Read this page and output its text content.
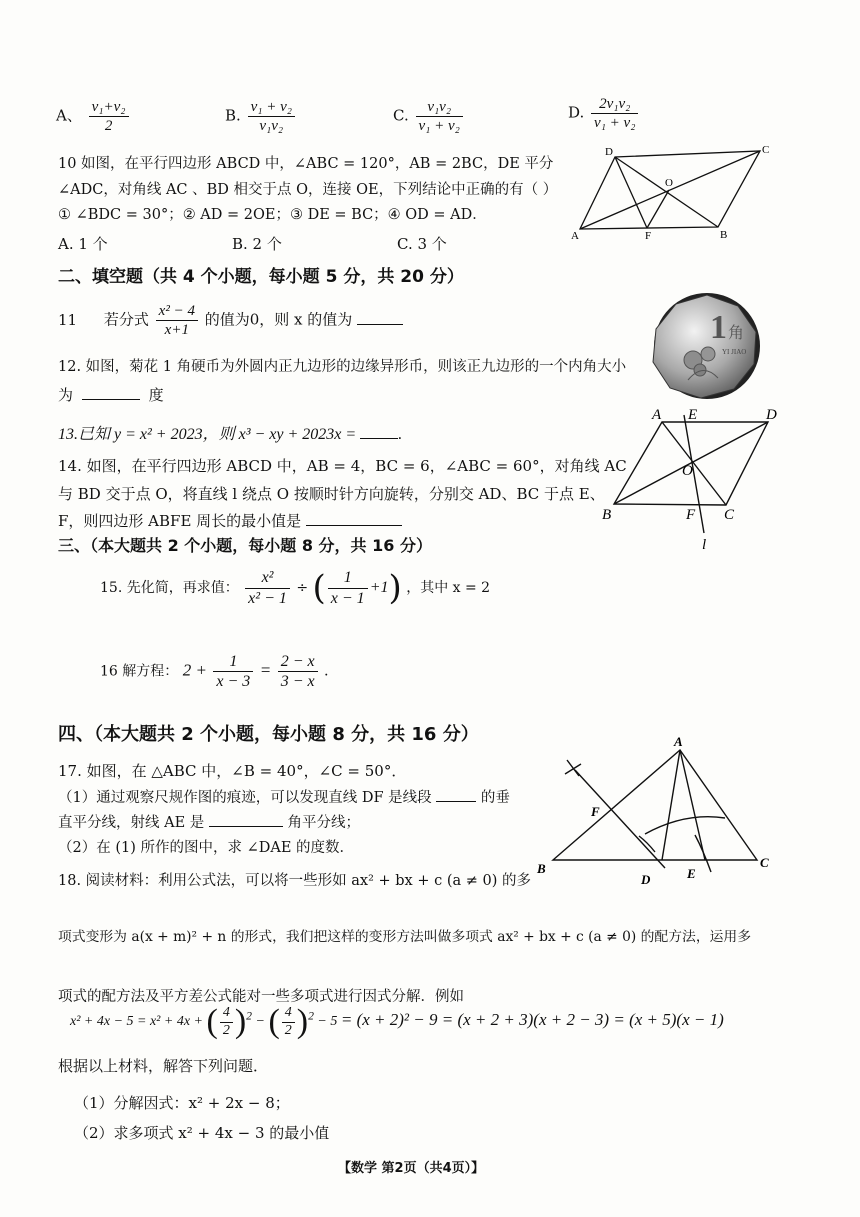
A、 $\frac{\text{v₁+v₂}}{2}$	B. $\frac{\text{v₁ + v₂}}{\text{v₁v₂}}$	C. $\frac{\text{v₁v₂}}{\text{v₁ + v₂}}$	D. $\frac{\text{2v₁v₂}}{\text{v₁ + v₂}}$
10 如图，在平行四边形 ABCD 中，∠ABC = 120°，AB = 2BC，DE 平分
∠ADC，对角线 AC 、BD 相交于点 O，连接 OE，下列结论中正确的有（ ）
① ∠BDC = 30°；② AD = 2OE；③ DE = BC；④ OD = AD．
A. 1 个	B. 2 个	C. 3 个
D	C
O
A	F	B
二、填空题（共 4 个小题，每小题 5 分，共 20 分）
11 若分式 $\frac{\text{x² − 4}}{x+1}$ 的值为0，则 x 的值为	1 角
YI JIAO
12. 如图，菊花 1 角硬币为外圆内正九边形的边缘异形币，则该正九边形的一个内角大小
为	度
13.已知 y = x² + 2023，则 x³ − xy + 2023x =	.
A E	D
O
B	F C
l
14. 如图，在平行四边形 ABCD 中，AB = 4，BC = 6，∠ABC = 60°，对角线 AC
与 BD 交于点 O，将直线 l 绕点 O 按顺时针方向旋转，分别交 AD、BC 于点 E、
F，则四边形 ABFE 周长的最小值是
三、（本大题共 2 个小题，每小题 8 分，共 16 分）
15. 先化简，再求值： $\frac{\text{x²}}{\text{x² − 1}}$ ÷ ( $\frac{1}{x - 1} +1$) ，其中 x = 2
16 解方程： $2 + \frac{1}{x - 3} = \frac{2 - x}{3 - x}$ ．
四、（本大题共 2 个小题，每小题 8 分，共 16 分）
17. 如图，在 △ABC 中，∠B = 40°，∠C = 50°．
（1）通过观察尺规作图的痕迹，可以发现直线 DF 是线段	的垂
直平分线，射线 AE 是	角平分线；
（2）在 (1) 所作的图中，求 ∠DAE 的度数．
A
F
B
D	E
C
18. 阅读材料：利用公式法，可以将一些形如 ax² + bx + c (a ≠ 0) 的多
项式变形为 a(x + m)² + n 的形式，我们把这样的变形方法叫做多项式 ax² + bx + c (a ≠ 0) 的配方法，运用多
项式的配方法及平方差公式能对一些多项式进行因式分解．例如
x² + 4x − 5 = x² + 4x + ( $\frac{4}{2} )^2$ − ( $\frac{4}{2} )^2 - 5 = (x + 2)^2 - 9 = (x + 2 + 3)(x + 2 - 3) = (x + 5)(x - 1)$
根据以上材料，解答下列问题．
（1）分解因式：x² + 2x − 8；
（2）求多项式 x² + 4x − 3 的最小值
【数学 第2页（共4页）】
